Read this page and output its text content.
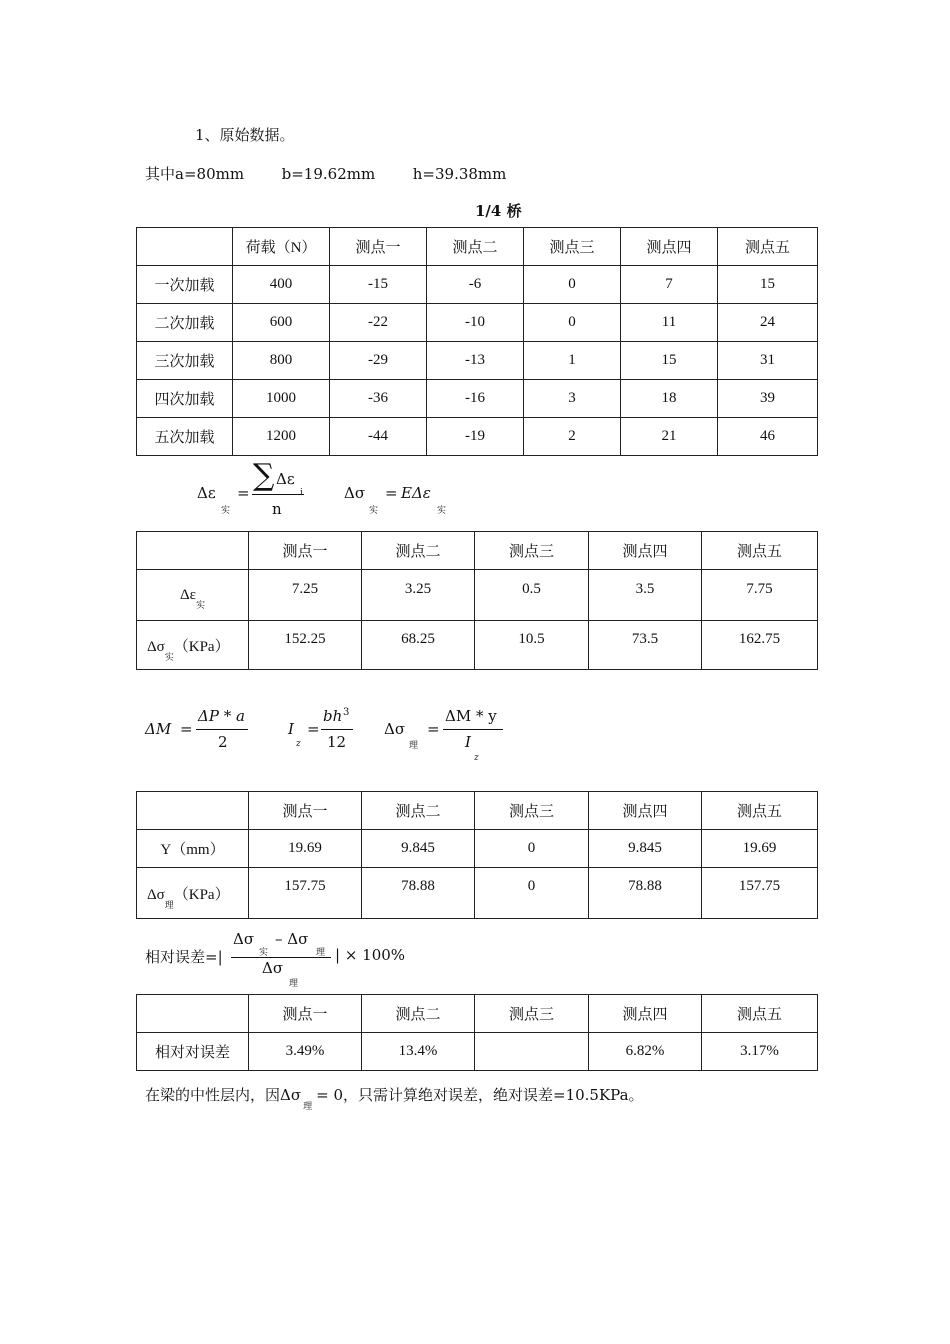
1、原始数据。
其中a=80mm	b=19.62mm	h=39.38mm
1/4 桥
	荷载（N）	测点一	测点二	测点三	测点四	测点五
一次加载	400	-15	-6	0	7	15
二次加载	600	-22	-10	0	11	24
三次加载	800	-29	-13	1	15	31
四次加载	1000	-36	-16	3	18	39
五次加载	1200	-44	-19	2	21	46
Δε
实
= ∑ Δε
i
n
Δσ
实
= EΔε
实
	测点一	测点二	测点三	测点四	测点五
Δε实	7.25	3.25	0.5	3.5	7.75
Δσ实（KPa）	152.25	68.25	10.5	73.5	162.75
ΔM =
ΔP * a
2
I
z
=
bh 3
12
Δσ
理
=
ΔM * y
I
z
	测点一	测点二	测点三	测点四	测点五
Y（mm）	19.69	9.845	0	9.845	19.69
Δσ理（KPa）	157.75	78.88	0	78.88	157.75
相对误差=|
Δσ
实
– Δσ
理
Δσ
理
| × 100%
	测点一	测点二	测点三	测点四	测点五
相对对误差	3.49%	13.4%		6.82%	3.17%
在梁的中性层内，因$\Delta\sigma_理= 0$，只需计算绝对误差，绝对误差=10.5KPa。
